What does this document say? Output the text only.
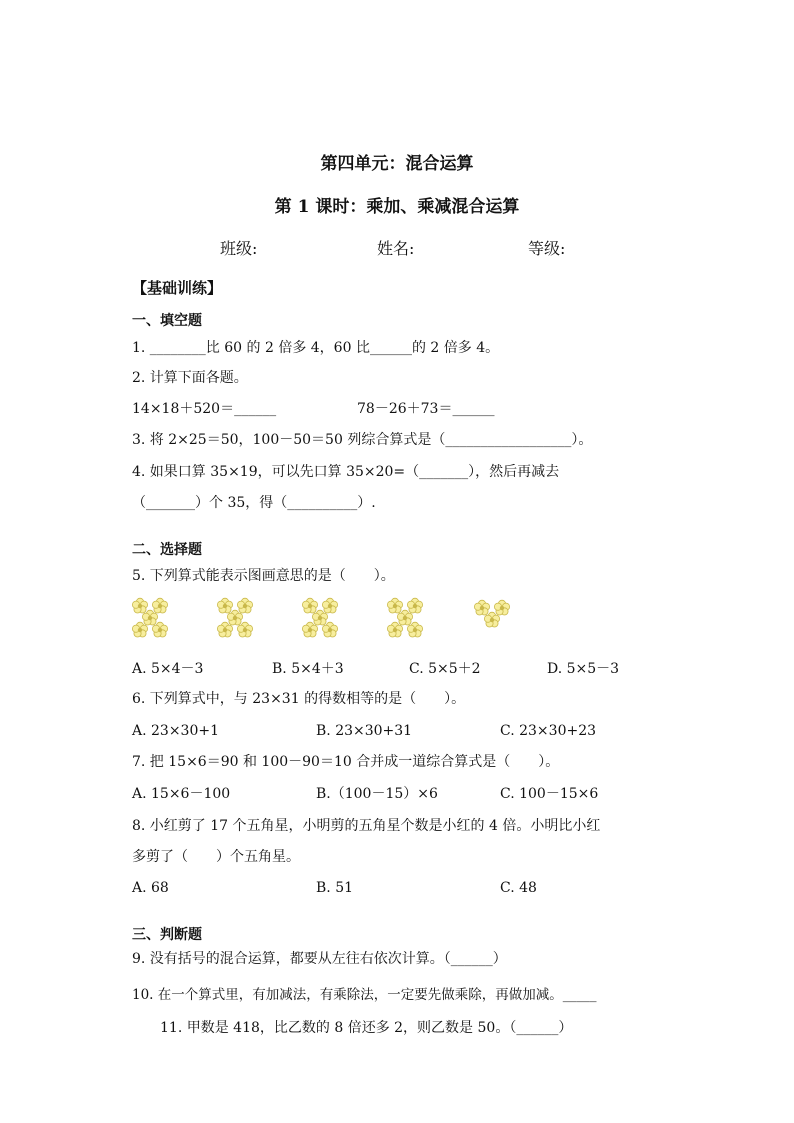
第四单元：混合运算
第 1 课时：乘加、乘减混合运算
班级:	姓名:	等级:
【基础训练】
一、填空题
1. ________比 60 的 2 倍多 4，60 比______的 2 倍多 4。
2. 计算下面各题。
14×18＋520＝______	78－26＋73＝______
3. 将 2×25＝50，100－50＝50 列综合算式是（__________________）。
4. 如果口算 35×19，可以先口算 35×20=（_______），然后再减去
（_______）个 35，得（__________）.
二、选择题
5. 下列算式能表示图画意思的是（　　）。
A. 5×4－3	B. 5×4＋3	C. 5×5＋2	D. 5×5－3
6. 下列算式中，与 23×31 的得数相等的是（　　）。
A. 23×30+1	B. 23×30+31	C. 23×30+23
7. 把 15×6＝90 和 100－90＝10 合并成一道综合算式是（　　）。
A. 15×6－100	B.（100－15）×6	C. 100－15×6
8. 小红剪了 17 个五角星，小明剪的五角星个数是小红的 4 倍。小明比小红
多剪了（　　）个五角星。
A. 68	B. 51	C. 48
三、判断题
9. 没有括号的混合运算，都要从左往右依次计算。（______）
10. 在一个算式里，有加减法，有乘除法，一定要先做乘除，再做加减。_____
11. 甲数是 418，比乙数的 8 倍还多 2，则乙数是 50。（______）
